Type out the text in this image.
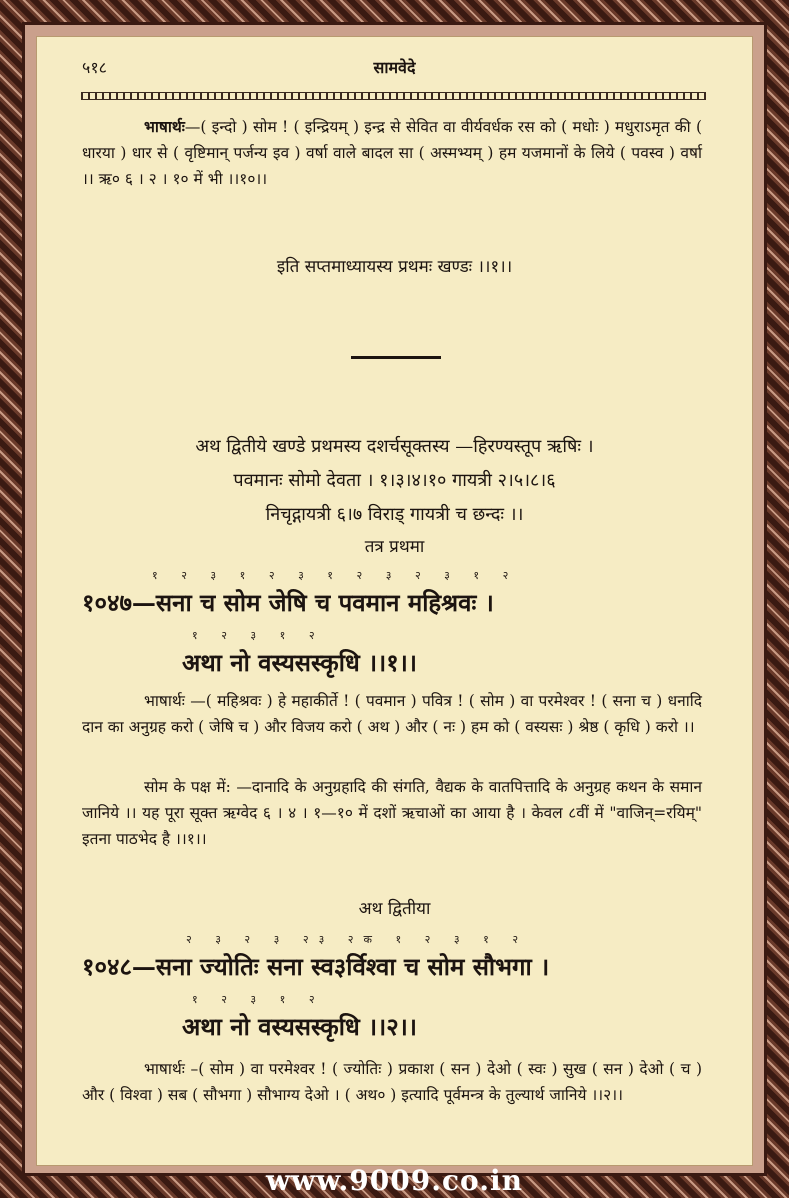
५१८	सामवेदे
भाषार्थः—( इन्दो ) सोम ! ( इन्द्रियम् ) इन्द्र से सेवित वा वीर्यवर्धक रस को ( मधोः ) मधुराऽमृत की ( धारया ) धार से ( वृष्टिमान् पर्जन्य इव ) वर्षा वाले बादल सा ( अस्मभ्यम् ) हम यजमानों के लिये ( पवस्व ) वर्षा ।। ऋ० ६ । २ । १० में भी ।।१०।।
इति सप्तमाध्यायस्य प्रथमः खण्डः ।।१।।
अथ द्वितीये खण्डे प्रथमस्य दशर्चसूक्तस्य —हिरण्यस्तूप ऋषिः ।
पवमानः सोमो देवता । १।३।४।१० गायत्री २।५।८।६
निचृद्गायत्री ६।७ विराड् गायत्री च छन्दः ।।
तत्र प्रथमा
१ २ ३ १ २ ३ १ २ ३ २ ३ १ २
१०४७—सना च सोम जेषि च पवमान महिश्रवः ।
१ २ ३ १ २
अथा नो वस्यसस्कृधि ।।१।।
भाषार्थः —( महिश्रवः ) हे महाकीर्ते ! ( पवमान ) पवित्र ! ( सोम ) वा परमेश्वर ! ( सना च ) धनादि दान का अनुग्रह करो ( जेषि च ) और विजय करो ( अथ ) और ( नः ) हम को ( वस्यसः ) श्रेष्ठ ( कृधि ) करो ।।
सोम के पक्ष में: —दानादि के अनुग्रहादि की संगति, वैद्यक के वातपित्तादि के अनुग्रह कथन के समान जानिये ।। यह पूरा सूक्त ऋग्वेद ६ । ४ । १—१० में दशों ऋचाओं का आया है । केवल ८वीं में "वाजिन्=रयिम्" इतना पाठभेद है ।।१।।
अथ द्वितीया
२ ३ २ ३ २३ २क १ २ ३ १ २
१०४८—सना ज्योतिः सना स्व३र्विश्वा च सोम सौभगा ।
१ २ ३ १ २
अथा नो वस्यसस्कृधि ।।२।।
भाषार्थः –( सोम ) वा परमेश्वर ! ( ज्योतिः ) प्रकाश ( सन ) देओ ( स्वः ) सुख ( सन ) देओ ( च ) और ( विश्वा ) सब ( सौभगा ) सौभाग्य देओ । ( अथ० ) इत्यादि पूर्वमन्त्र के तुल्यार्थ जानिये ।।२।।
www.9009.co.in
